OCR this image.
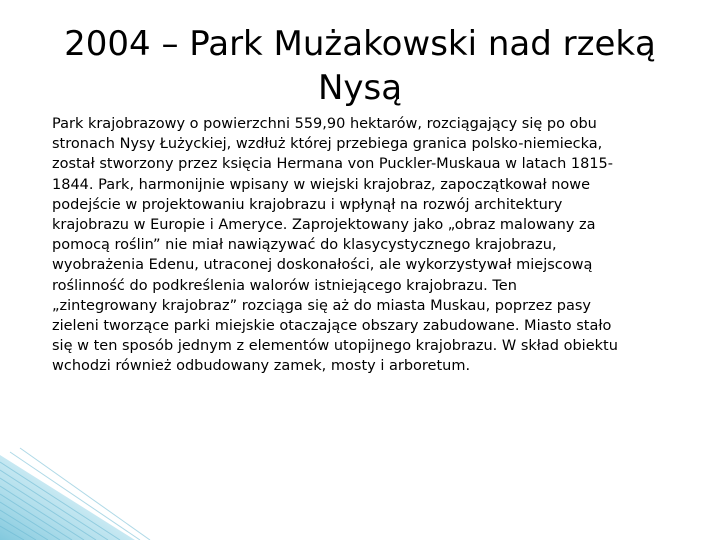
2004 – Park Mużakowski nad rzeką Nysą

Park krajobrazowy o powierzchni 559,90 hektarów, rozciągający się po obu stronach Nysy Łużyckiej, wzdłuż której przebiega granica polsko-niemiecka, został stworzony przez księcia Hermana von Puckler-Muskaua w latach 1815-1844. Park, harmonijnie wpisany w wiejski krajobraz, zapoczątkował nowe podejście w projektowaniu krajobrazu i wpłynął na rozwój architektury krajobrazu w Europie i Ameryce. Zaprojektowany jako „obraz malowany za pomocą roślin” nie miał nawiązywać do klasycystycznego krajobrazu, wyobrażenia Edenu, utraconej doskonałości, ale wykorzystywał miejscową roślinność do podkreślenia walorów istniejącego krajobrazu. Ten „zintegrowany krajobraz” rozciąga się aż do miasta Muskau, poprzez pasy zieleni tworzące parki miejskie otaczające obszary zabudowane. Miasto stało się w ten sposób jednym z elementów utopijnego krajobrazu. W skład obiektu wchodzi również odbudowany zamek, mosty i arboretum.
